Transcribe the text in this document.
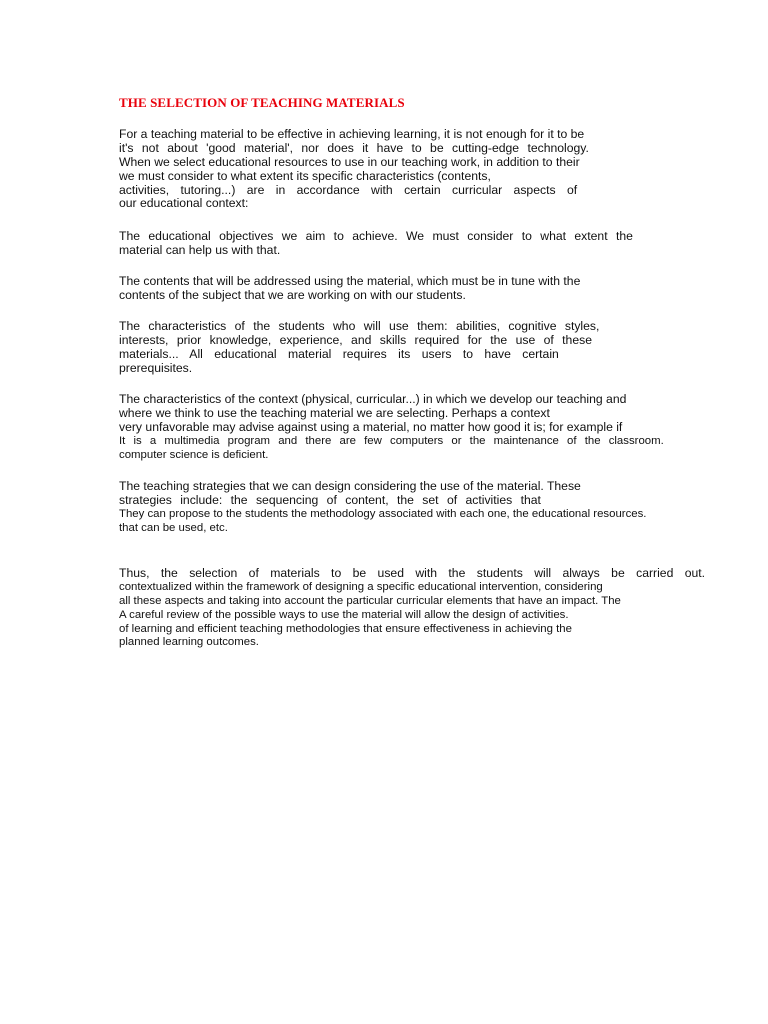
THE SELECTION OF TEACHING MATERIALS
For a teaching material to be effective in achieving learning, it is not enough for it to be
it's not about 'good material', nor does it have to be cutting-edge technology.
When we select educational resources to use in our teaching work, in addition to their
we must consider to what extent its specific characteristics (contents,
activities, tutoring...) are in accordance with certain curricular aspects of
our educational context:
The educational objectives we aim to achieve. We must consider to what extent the
material can help us with that.
The contents that will be addressed using the material, which must be in tune with the
contents of the subject that we are working on with our students.
The characteristics of the students who will use them: abilities, cognitive styles,
interests, prior knowledge, experience, and skills required for the use of these
materials... All educational material requires its users to have certain
prerequisites.
The characteristics of the context (physical, curricular...) in which we develop our teaching and
where we think to use the teaching material we are selecting. Perhaps a context
very unfavorable may advise against using a material, no matter how good it is; for example if
It is a multimedia program and there are few computers or the maintenance of the classroom.
computer science is deficient.
The teaching strategies that we can design considering the use of the material. These
strategies include: the sequencing of content, the set of activities that
They can propose to the students the methodology associated with each one, the educational resources.
that can be used, etc.
Thus, the selection of materials to be used with the students will always be carried out.
contextualized within the framework of designing a specific educational intervention, considering
all these aspects and taking into account the particular curricular elements that have an impact. The
A careful review of the possible ways to use the material will allow the design of activities.
of learning and efficient teaching methodologies that ensure effectiveness in achieving the
planned learning outcomes.
